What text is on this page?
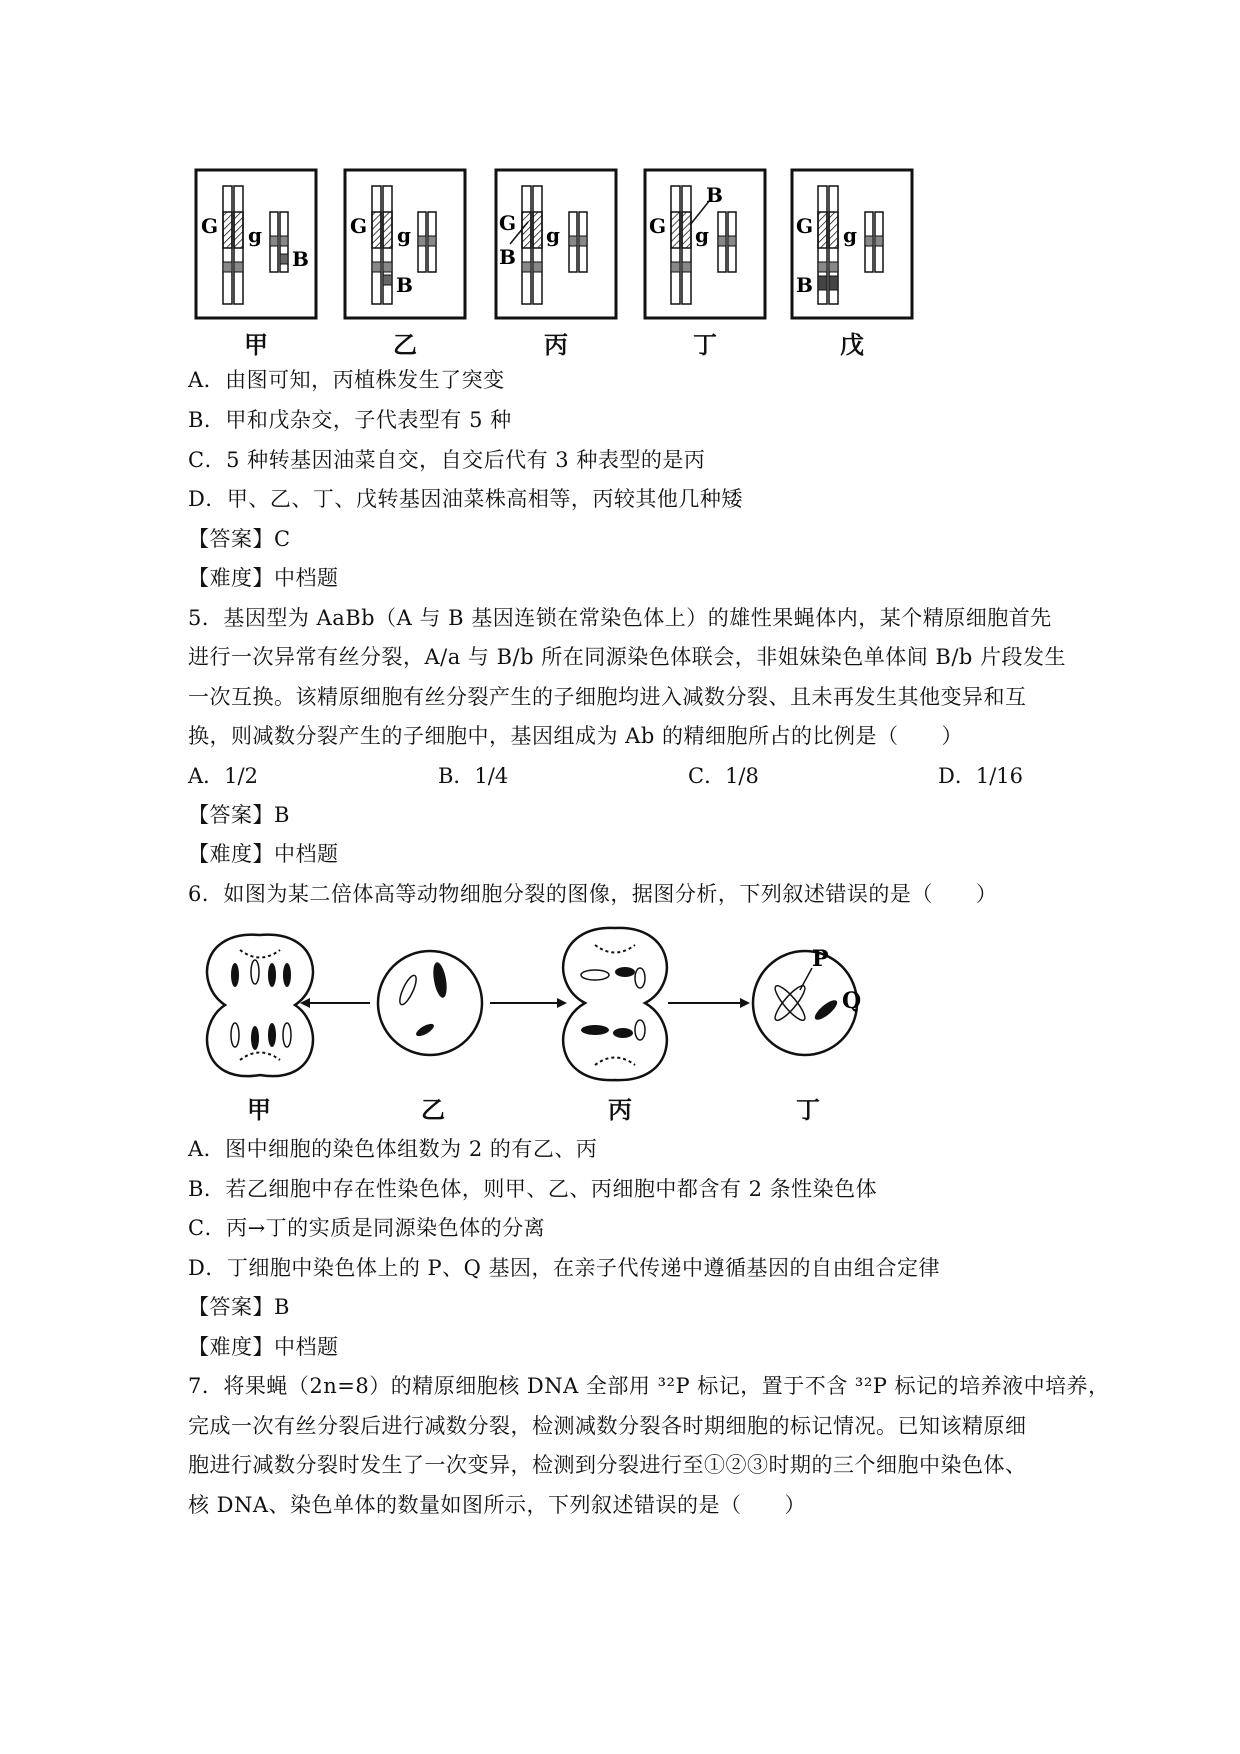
G g
B
G g
B
G g
B
G g
B
G g
B
甲	乙	丙	丁	戊
A．由图可知，丙植株发生了突变
B．甲和戊杂交，子代表型有 5 种
C．5 种转基因油菜自交，自交后代有 3 种表型的是丙
D．甲、乙、丁、戊转基因油菜株高相等，丙较其他几种矮
【答案】C
【难度】中档题
5．基因型为 AaBb（A 与 B 基因连锁在常染色体上）的雄性果蝇体内，某个精原细胞首先
进行一次异常有丝分裂，A/a 与 B/b 所在同源染色体联会，非姐妹染色单体间 B/b 片段发生
一次互换。该精原细胞有丝分裂产生的子细胞均进入减数分裂、且未再发生其他变异和互
换，则减数分裂产生的子细胞中，基因组成为 Ab 的精细胞所占的比例是（　　）
A．1/2	B．1/4	C．1/8	D．1/16
【答案】B
【难度】中档题
6．如图为某二倍体高等动物细胞分裂的图像，据图分析，下列叙述错误的是（　　）
P
Q
甲	乙	丙	丁
A．图中细胞的染色体组数为 2 的有乙、丙
B．若乙细胞中存在性染色体，则甲、乙、丙细胞中都含有 2 条性染色体
C．丙→丁的实质是同源染色体的分离
D．丁细胞中染色体上的 P、Q 基因，在亲子代传递中遵循基因的自由组合定律
【答案】B
【难度】中档题
7．将果蝇（2n=8）的精原细胞核 DNA 全部用 ³²P 标记，置于不含 ³²P 标记的培养液中培养，
完成一次有丝分裂后进行减数分裂，检测减数分裂各时期细胞的标记情况。已知该精原细
胞进行减数分裂时发生了一次变异，检测到分裂进行至①②③时期的三个细胞中染色体、
核 DNA、染色单体的数量如图所示，下列叙述错误的是（　　）
